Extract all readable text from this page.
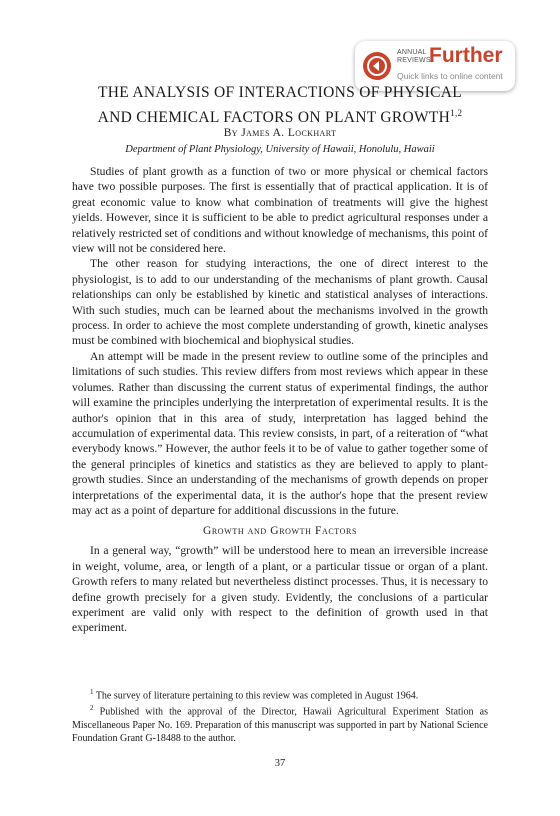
ANNUAL
REVIEWS
Further
Quick links to online content
THE ANALYSIS OF INTERACTIONS OF PHYSICAL
AND CHEMICAL FACTORS ON PLANT GROWTH$^{1,2}$
By James A. Lockhart
Department of Plant Physiology, University of Hawaii, Honolulu, Hawaii

Studies of plant growth as a function of two or more physical or chemical factors have two possible purposes. The first is essentially that of practical application. It is of great economic value to know what combination of treatments will give the highest yields. However, since it is sufficient to be able to predict agricultural responses under a relatively restricted set of conditions and without knowledge of mechanisms, this point of view will not be considered here.

The other reason for studying interactions, the one of direct interest to the physiologist, is to add to our understanding of the mechanisms of plant growth. Causal relationships can only be established by kinetic and statistical analyses of interactions. With such studies, much can be learned about the mechanisms involved in the growth process. In order to achieve the most complete understanding of growth, kinetic analyses must be combined with biochemical and biophysical studies.

An attempt will be made in the present review to outline some of the principles and limitations of such studies. This review differs from most reviews which appear in these volumes. Rather than discussing the current status of experimental findings, the author will examine the principles underlying the interpretation of experimental results. It is the author's opinion that in this area of study, interpretation has lagged behind the accumulation of experimental data. This review consists, in part, of a reiteration of “what everybody knows.” However, the author feels it to be of value to gather together some of the general principles of kinetics and statistics as they are believed to apply to plant-growth studies. Since an understanding of the mechanisms of growth depends on proper interpretations of the experimental data, it is the author's hope that the present review may act as a point of departure for additional discussions in the future.

Growth and Growth Factors

In a general way, “growth” will be understood here to mean an irreversible increase in weight, volume, area, or length of a plant, or a particular tissue or organ of a plant. Growth refers to many related but nevertheless distinct processes. Thus, it is necessary to define growth precisely for a given study. Evidently, the conclusions of a particular experiment are valid only with respect to the definition of growth used in that experiment.

$^1$ The survey of literature pertaining to this review was completed in August 1964.

$^2$ Published with the approval of the Director, Hawaii Agricultural Experiment Station as Miscellaneous Paper No. 169. Preparation of this manuscript was supported in part by National Science Foundation Grant G-18488 to the author.

37
